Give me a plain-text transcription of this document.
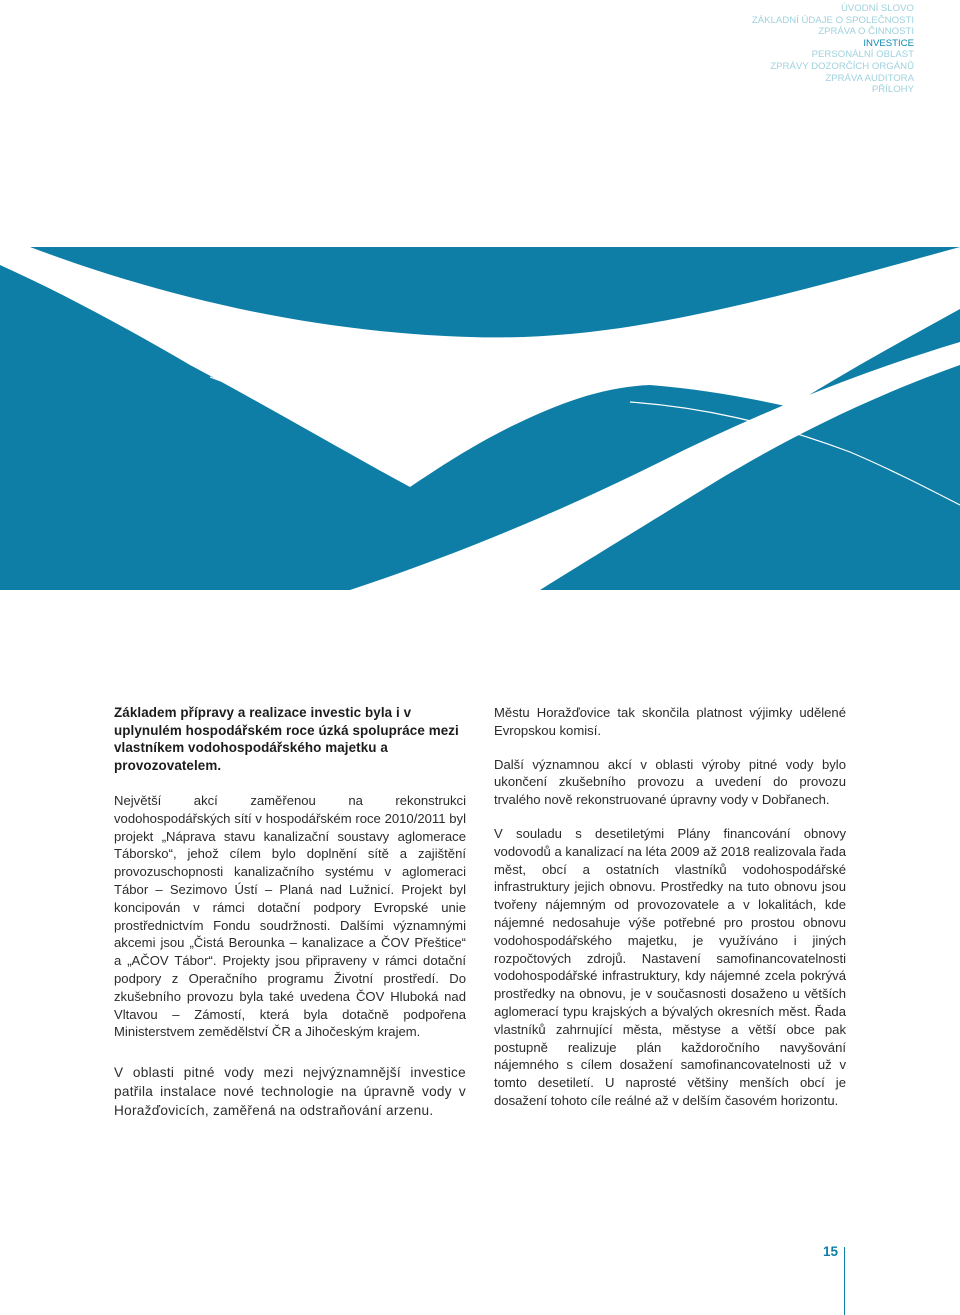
ÚVODNÍ SLOVO
ZÁKLADNÍ ÚDAJE O SPOLEČNOSTI
ZPRÁVA O ČINNOSTI
INVESTICE
PERSONÁLNÍ OBLAST
ZPRÁVY DOZORČÍCH ORGÁNŮ
ZPRÁVA AUDITORA
PŘÍLOHY

Základem přípravy a realizace investic byla i v uplynulém hospodářském roce úzká spolupráce mezi vlastníkem vodohospodářského majetku a provozovatelem.

Největší akcí zaměřenou na rekonstrukci vodohospodářských sítí v hospodářském roce 2010/2011 byl projekt „Náprava stavu kanalizační soustavy aglomerace Táborsko“, jehož cílem bylo doplnění sítě a zajištění provozuschopnosti kanalizačního systému v aglomeraci Tábor – Sezimovo Ústí – Planá nad Lužnicí. Projekt byl koncipován v rámci dotační podpory Evropské unie prostřednictvím Fondu soudržnosti. Dalšími významnými akcemi jsou „Čistá Berounka – kanalizace a ČOV Přeštice“ a „AČOV Tábor“. Projekty jsou připraveny v rámci dotační podpory z Operačního programu Životní prostředí. Do zkušebního provozu byla také uvedena ČOV Hluboká nad Vltavou – Zámostí, která byla dotačně podpořena Ministerstvem zemědělství ČR a Jihočeským krajem.

V oblasti pitné vody mezi nejvýznamnější investice patřila instalace nové technologie na úpravně vody v Horažďovicích, zaměřená na odstraňování arzenu.

Městu Horažďovice tak skončila platnost výjimky udělené Evropskou komisí.

Další významnou akcí v oblasti výroby pitné vody bylo ukončení zkušebního provozu a uvedení do provozu trvalého nově rekonstruované úpravny vody v Dobřanech.

V souladu s desetiletými Plány financování obnovy vodovodů a kanalizací na léta 2009 až 2018 realizovala řada měst, obcí a ostatních vlastníků vodohospodářské infrastruktury jejich obnovu. Prostředky na tuto obnovu jsou tvořeny nájemným od provozovatele a v lokalitách, kde nájemné nedosahuje výše potřebné pro prostou obnovu vodohospodářského majetku, je využíváno i jiných rozpočtových zdrojů. Nastavení samofinancovatelnosti vodohospodářské infrastruktury, kdy nájemné zcela pokrývá prostředky na obnovu, je v současnosti dosaženo u větších aglomerací typu krajských a bývalých okresních měst. Řada vlastníků zahrnující města, městyse a větší obce pak postupně realizuje plán každoročního navyšování nájemného s cílem dosažení samofinancovatelnosti už v tomto desetiletí. U naprosté většiny menších obcí je dosažení tohoto cíle reálné až v delším časovém horizontu.

15
